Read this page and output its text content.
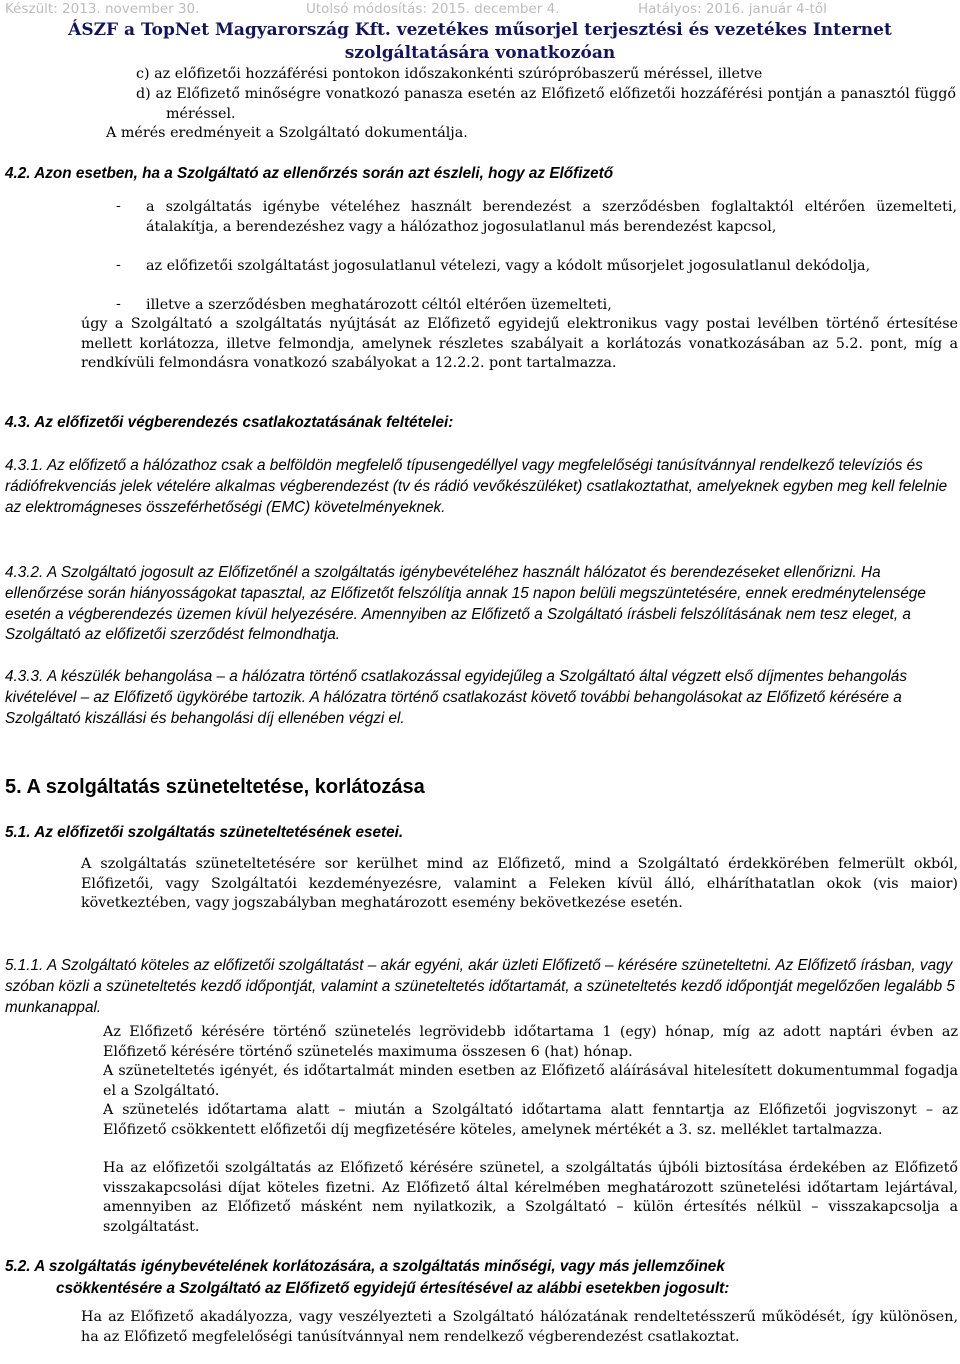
Készült: 2013. november 30.	Utolsó módosítás: 2015. december 4.	Hatályos: 2016. január 4-től
ÁSZF a TopNet Magyarország Kft. vezetékes műsorjel terjesztési és vezetékes Internet
szolgáltatására vonatkozóan
c) az előfizetői hozzáférési pontokon időszakonkénti szúrópróbaszerű méréssel, illetve
d) az Előfizető minőségre vonatkozó panasza esetén az Előfizető előfizetői hozzáférési pontján a panasztól függő méréssel.
A mérés eredményeit a Szolgáltató dokumentálja.
4.2. Azon esetben, ha a Szolgáltató az ellenőrzés során azt észleli, hogy az Előfizető
- a szolgáltatás igénybe vételéhez használt berendezést a szerződésben foglaltaktól eltérően üzemelteti, átalakítja, a berendezéshez vagy a hálózathoz jogosulatlanul más berendezést kapcsol,
- az előfizetői szolgáltatást jogosulatlanul vételezi, vagy a kódolt műsorjelet jogosulatlanul dekódolja,
- illetve a szerződésben meghatározott céltól eltérően üzemelteti,
úgy a Szolgáltató a szolgáltatás nyújtását az Előfizető egyidejű elektronikus vagy postai levélben történő értesítése mellett korlátozza, illetve felmondja, amelynek részletes szabályait a korlátozás vonatkozásában az 5.2. pont, míg a rendkívüli felmondásra vonatkozó szabályokat a 12.2.2. pont tartalmazza.
4.3. Az előfizetői végberendezés csatlakoztatásának feltételei:
4.3.1. Az előfizető a hálózathoz csak a belföldön megfelelő típusengedéllyel vagy megfelelőségi tanúsítvánnyal rendelkező televíziós és rádiófrekvenciás jelek vételére alkalmas végberendezést (tv és rádió vevőkészüléket) csatlakoztathat, amelyeknek egyben meg kell felelnie az elektromágneses összeférhetőségi (EMC) követelményeknek.
4.3.2. A Szolgáltató jogosult az Előfizetőnél a szolgáltatás igénybevételéhez használt hálózatot és berendezéseket ellenőrizni. Ha ellenőrzése során hiányosságokat tapasztal, az Előfizetőt felszólítja annak 15 napon belüli megszüntetésére, ennek eredménytelensége esetén a végberendezés üzemen kívül helyezésére. Amennyiben az Előfizető a Szolgáltató írásbeli felszólításának nem tesz eleget, a Szolgáltató az előfizetői szerződést felmondhatja.
4.3.3. A készülék behangolása – a hálózatra történő csatlakozással egyidejűleg a Szolgáltató által végzett első díjmentes behangolás kivételével – az Előfizető ügykörébe tartozik. A hálózatra történő csatlakozást követő további behangolásokat az Előfizető kérésére a Szolgáltató kiszállási és behangolási díj ellenében végzi el.
5. A szolgáltatás szüneteltetése, korlátozása
5.1. Az előfizetői szolgáltatás szüneteltetésének esetei.
A szolgáltatás szüneteltetésére sor kerülhet mind az Előfizető, mind a Szolgáltató érdekkörében felmerült okból, Előfizetői, vagy Szolgáltatói kezdeményezésre, valamint a Feleken kívül álló, elháríthatatlan okok (vis maior) következtében, vagy jogszabályban meghatározott esemény bekövetkezése esetén.
5.1.1. A Szolgáltató köteles az előfizetői szolgáltatást – akár egyéni, akár üzleti Előfizető – kérésére szüneteltetni. Az Előfizető írásban, vagy szóban közli a szüneteltetés kezdő időpontját, valamint a szüneteltetés időtartamát, a szüneteltetés kezdő időpontját megelőzően legalább 5 munkanappal.
Az Előfizető kérésére történő szünetelés legrövidebb időtartama 1 (egy) hónap, míg az adott naptári évben az Előfizető kérésére történő szünetelés maximuma összesen 6 (hat) hónap.
A szüneteltetés igényét, és időtartalmát minden esetben az Előfizető aláírásával hitelesített dokumentummal fogadja el a Szolgáltató.
A szünetelés időtartama alatt – miután a Szolgáltató időtartama alatt fenntartja az Előfizetői jogviszonyt – az Előfizető csökkentett előfizetői díj megfizetésére köteles, amelynek mértékét a 3. sz. melléklet tartalmazza.
Ha az előfizetői szolgáltatás az Előfizető kérésére szünetel, a szolgáltatás újbóli biztosítása érdekében az Előfizető visszakapcsolási díjat köteles fizetni. Az Előfizető által kérelmében meghatározott szünetelési időtartam lejártával, amennyiben az Előfizető másként nem nyilatkozik, a Szolgáltató – külön értesítés nélkül – visszakapcsolja a szolgáltatást.
5.2. A szolgáltatás igénybevételének korlátozására, a szolgáltatás minőségi, vagy más jellemzőinek
csökkentésére a Szolgáltató az Előfizető egyidejű értesítésével az alábbi esetekben jogosult:
Ha az Előfizető akadályozza, vagy veszélyezteti a Szolgáltató hálózatának rendeltetésszerű működését, így különösen, ha az Előfizető megfelelőségi tanúsítvánnyal nem rendelkező végberendezést csatlakoztat.
